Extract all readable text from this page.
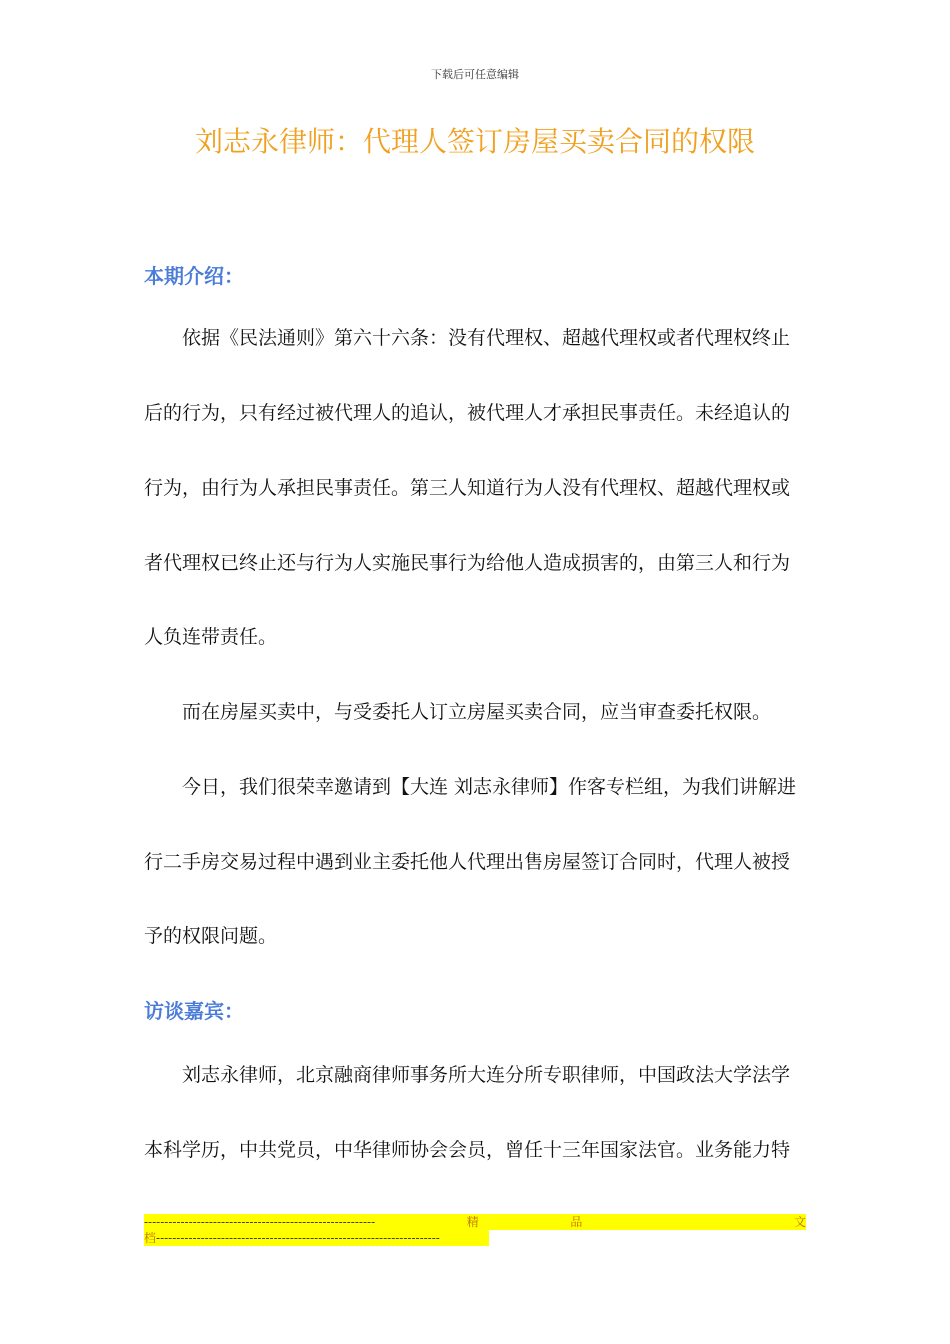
下载后可任意编辑
刘志永律师：代理人签订房屋买卖合同的权限
本期介绍：
依据《民法通则》第六十六条：没有代理权、超越代理权或者代理权终止
后的行为，只有经过被代理人的追认，被代理人才承担民事责任。未经追认的
行为，由行为人承担民事责任。第三人知道行为人没有代理权、超越代理权或
者代理权已终止还与行为人实施民事行为给他人造成损害的，由第三人和行为
人负连带责任。
而在房屋买卖中，与受委托人订立房屋买卖合同，应当审查委托权限。
今日，我们很荣幸邀请到【大连 刘志永律师】作客专栏组，为我们讲解进
行二手房交易过程中遇到业主委托他人代理出售房屋签订合同时，代理人被授
予的权限问题。
访谈嘉宾：
刘志永律师，北京融商律师事务所大连分所专职律师，中国政法大学法学
本科学历，中共党员，中华律师协会会员，曾任十三年国家法官。业务能力特
---------------------------------------------------------	精	品	文
档----------------------------------------------------------------------
